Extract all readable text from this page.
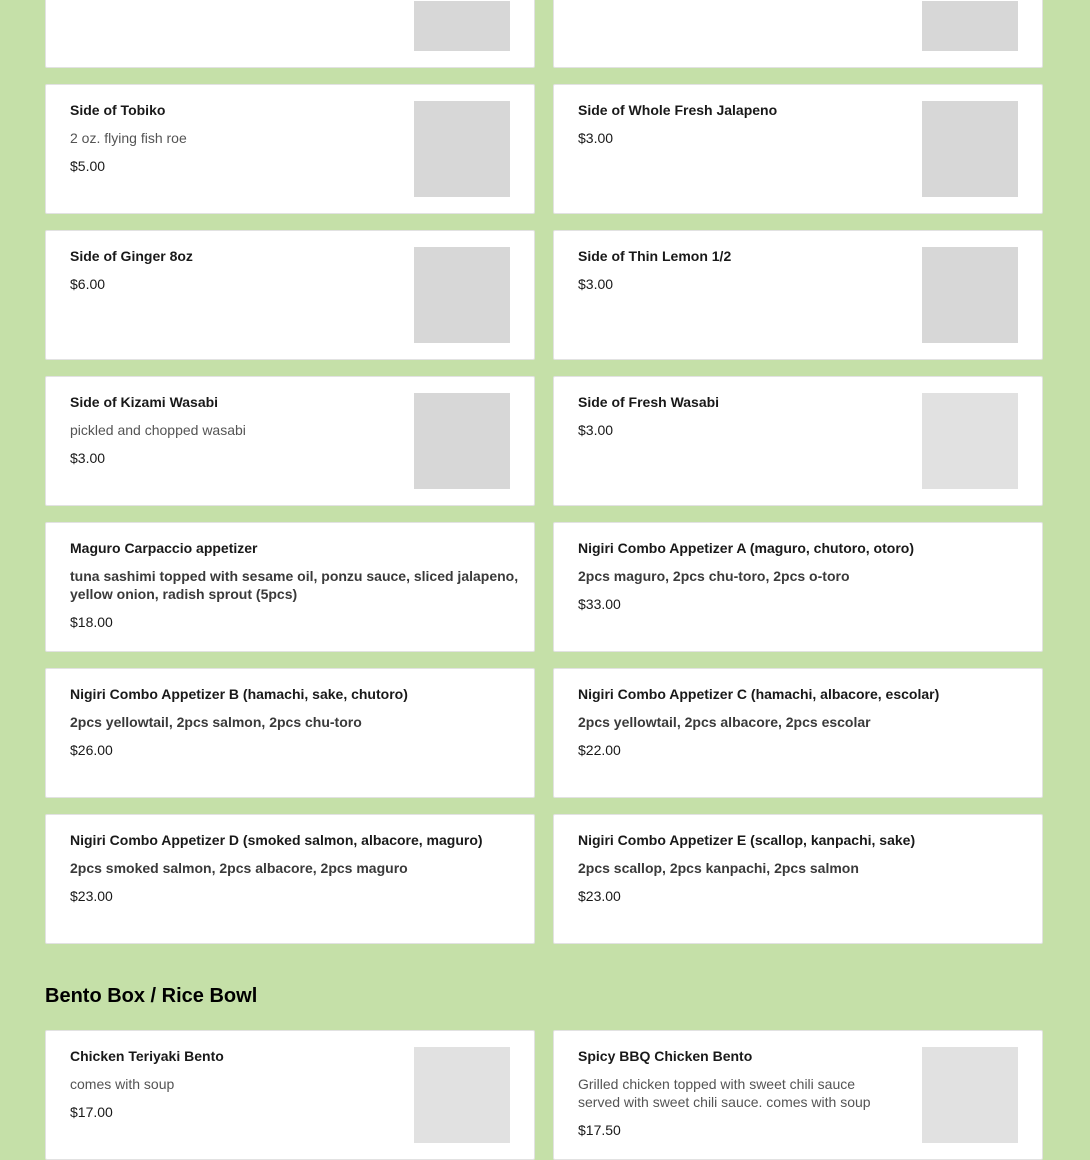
Side of Tobiko
2 oz. flying fish roe
$5.00
Side of Whole Fresh Jalapeno
$3.00
Side of Ginger 8oz
$6.00
Side of Thin Lemon 1/2
$3.00
Side of Kizami Wasabi
pickled and chopped wasabi
$3.00
Side of Fresh Wasabi
$3.00
Maguro Carpaccio appetizer
tuna sashimi topped with sesame oil, ponzu sauce, sliced jalapeno, yellow onion, radish sprout (5pcs)
$18.00
Nigiri Combo Appetizer A (maguro, chutoro, otoro)
2pcs maguro, 2pcs chu-toro, 2pcs o-toro
$33.00
Nigiri Combo Appetizer B (hamachi, sake, chutoro)
2pcs yellowtail, 2pcs salmon, 2pcs chu-toro
$26.00
Nigiri Combo Appetizer C (hamachi, albacore, escolar)
2pcs yellowtail, 2pcs albacore, 2pcs escolar
$22.00
Nigiri Combo Appetizer D (smoked salmon, albacore, maguro)
2pcs smoked salmon, 2pcs albacore, 2pcs maguro
$23.00
Nigiri Combo Appetizer E (scallop, kanpachi, sake)
2pcs scallop, 2pcs kanpachi, 2pcs salmon
$23.00
Bento Box / Rice Bowl
Chicken Teriyaki Bento
comes with soup
$17.00
Spicy BBQ Chicken Bento
Grilled chicken topped with sweet chili sauce served with sweet chili sauce. comes with soup
$17.50
